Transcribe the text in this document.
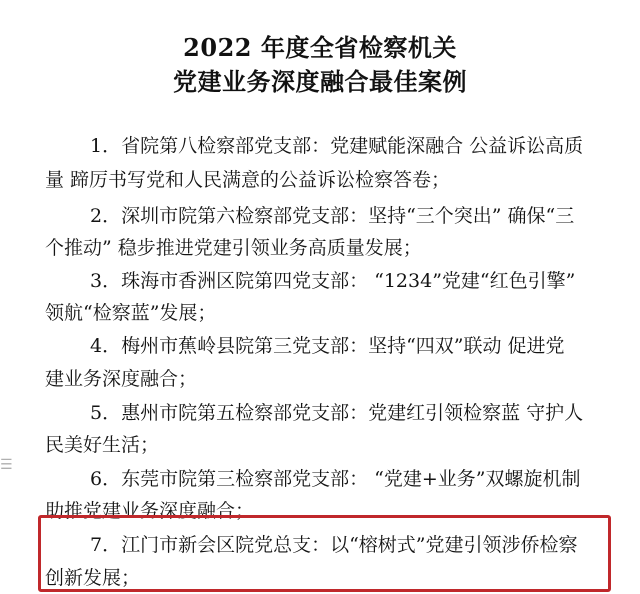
2022 年度全省检察机关
党建业务深度融合最佳案例
1．省院第八检察部党支部：党建赋能深融合 公益诉讼高质
量 蹄厉书写党和人民满意的公益诉讼检察答卷；
2．深圳市院第六检察部党支部：坚持“三个突出” 确保“三
个推动” 稳步推进党建引领业务高质量发展；
3．珠海市香洲区院第四党支部： “1234”党建“红色引擎”
领航“检察蓝”发展；
4．梅州市蕉岭县院第三党支部：坚持“四双”联动 促进党
建业务深度融合；
5．惠州市院第五检察部党支部：党建红引领检察蓝 守护人
民美好生活；
6．东莞市院第三检察部党支部： “党建+业务”双螺旋机制
助推党建业务深度融合；
7．江门市新会区院党总支：以“榕树式”党建引领涉侨检察
创新发展；
☰
